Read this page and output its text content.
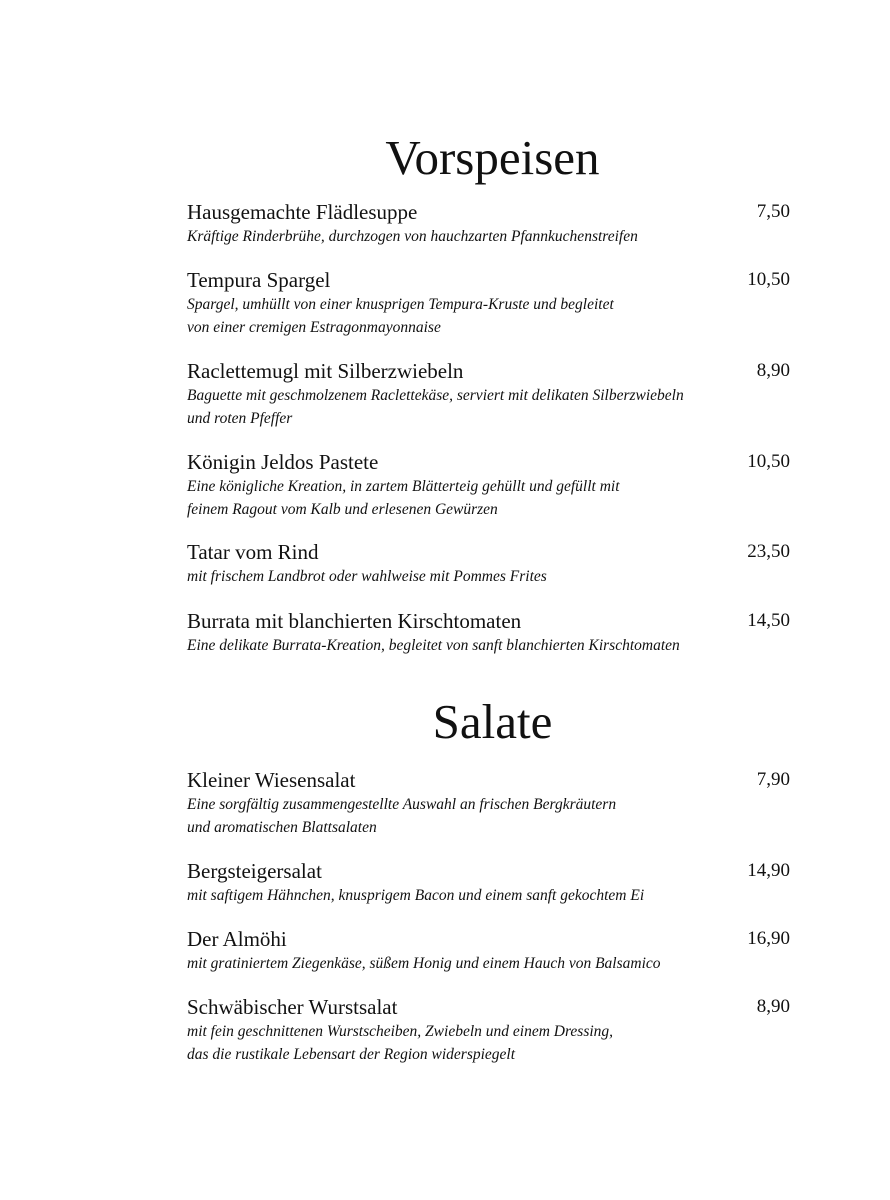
Vorspeisen
Hausgemachte Flädlesuppe	7,50
Kräftige Rinderbrühe, durchzogen von hauchzarten Pfannkuchenstreifen
Tempura Spargel	10,50
Spargel, umhüllt von einer knusprigen Tempura-Kruste und begleitet
von einer cremigen Estragonmayonnaise
Raclettemugl mit Silberzwiebeln	8,90
Baguette mit geschmolzenem Raclettekäse, serviert mit delikaten Silberzwiebeln
und roten Pfeffer
Königin Jeldos Pastete	10,50
Eine königliche Kreation, in zartem Blätterteig gehüllt und gefüllt mit
feinem Ragout vom Kalb und erlesenen Gewürzen
Tatar vom Rind	23,50
mit frischem Landbrot oder wahlweise mit Pommes Frites
Burrata mit blanchierten Kirschtomaten	14,50
Eine delikate Burrata-Kreation, begleitet von sanft blanchierten Kirschtomaten
Salate
Kleiner Wiesensalat	7,90
Eine sorgfältig zusammengestellte Auswahl an frischen Bergkräutern
und aromatischen Blattsalaten
Bergsteigersalat	14,90
mit saftigem Hähnchen, knusprigem Bacon und einem sanft gekochtem Ei
Der Almöhi	16,90
mit gratiniertem Ziegenkäse, süßem Honig und einem Hauch von Balsamico
Schwäbischer Wurstsalat	8,90
mit fein geschnittenen Wurstscheiben, Zwiebeln und einem Dressing,
das die rustikale Lebensart der Region widerspiegelt
